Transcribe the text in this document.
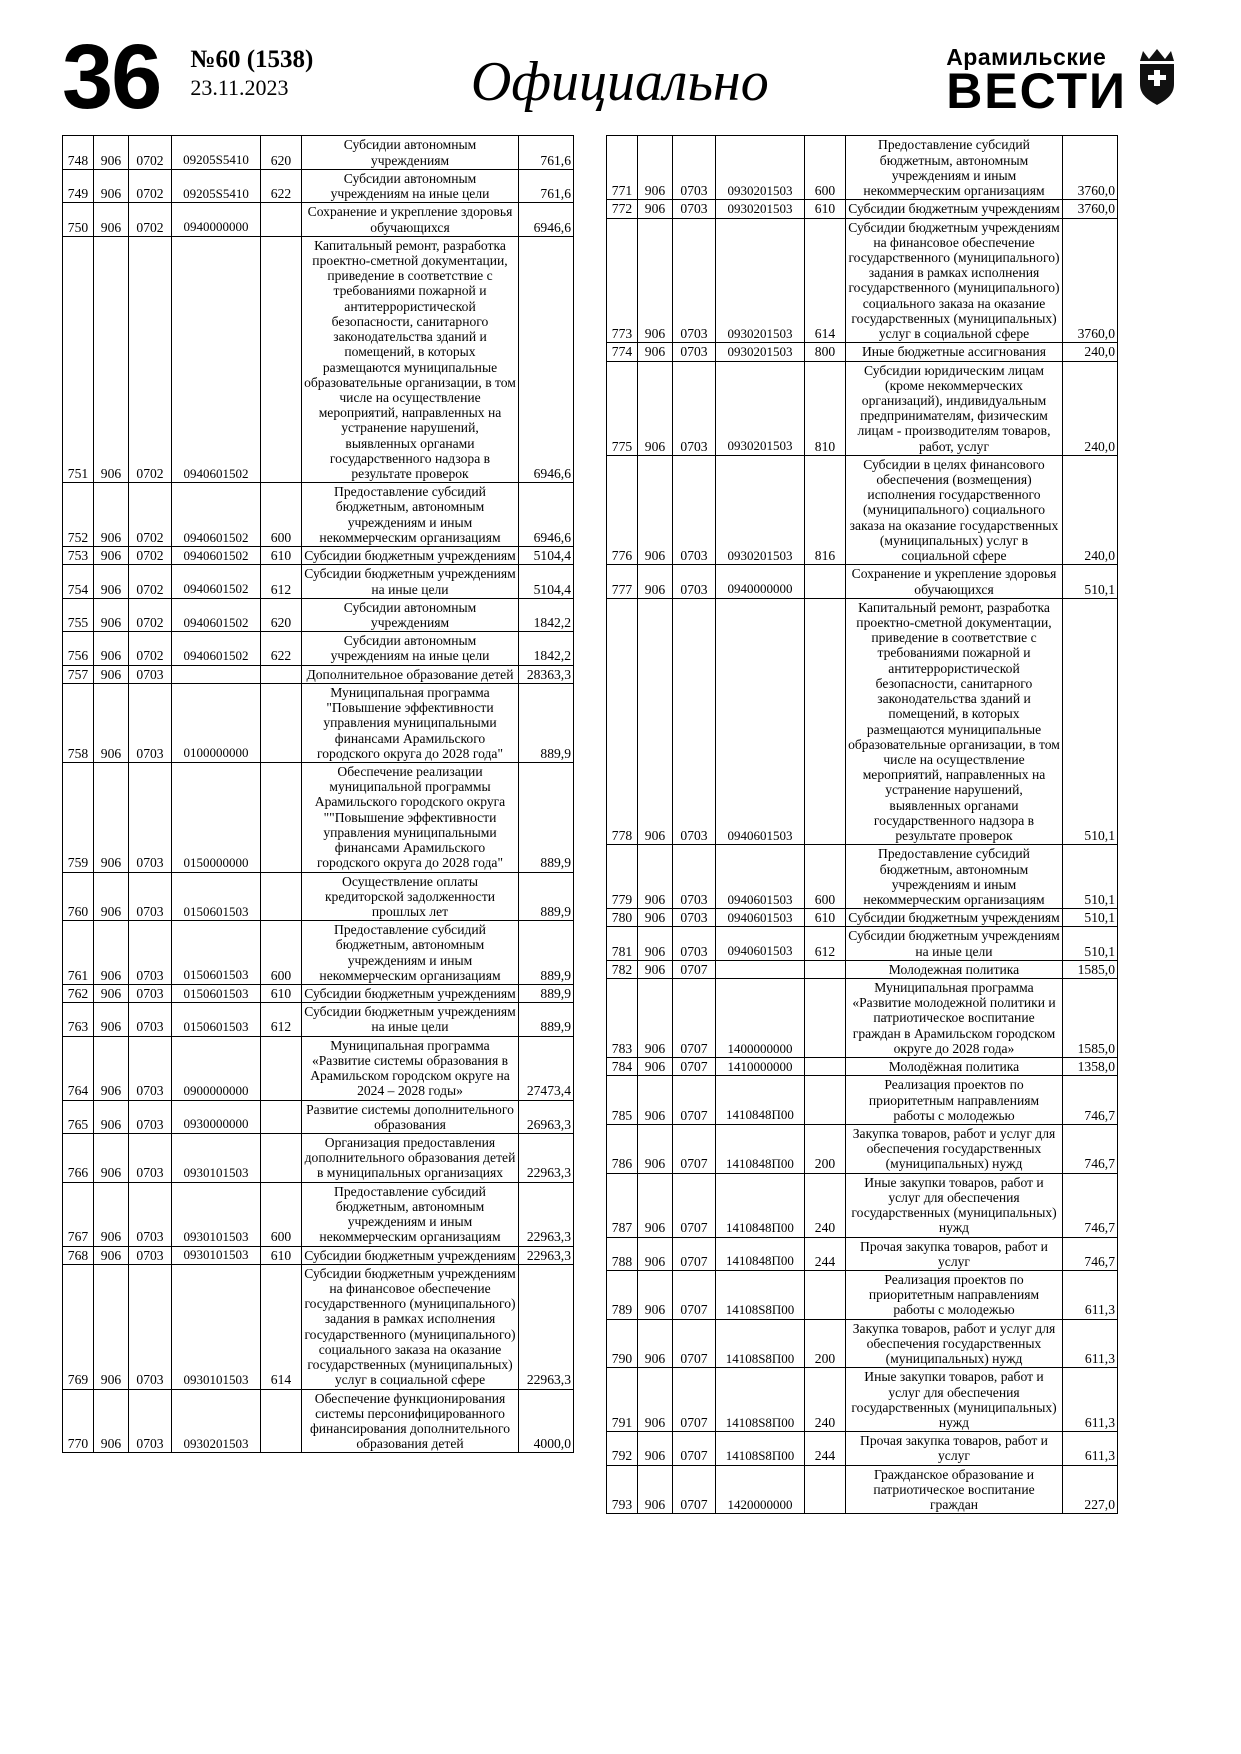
36 №60 (1538)
23.11.2023	Официально	Арамильские
ВЕСТИ
748	906	0702	09205S5410	620	Субсидии автономным учреждениям	761,6
749	906	0702	09205S5410	622	Субсидии автономным учреждениям на иные цели	761,6
750	906	0702	0940000000		Сохранение и укрепление здоровья обучающихся	6946,6
751	906	0702	0940601502		Капитальный ремонт, разработка проектно-сметной документации, приведение в соответствие с требованиями пожарной и антитеррористической безопасности, санитарного законодательства зданий и помещений, в которых размещаются муниципальные образовательные организации, в том числе на осуществление мероприятий, направленных на устранение нарушений, выявленных органами государственного надзора в результате проверок	6946,6
752	906	0702	0940601502	600	Предоставление субсидий бюджетным, автономным учреждениям и иным некоммерческим организациям	6946,6
753	906	0702	0940601502	610	Субсидии бюджетным учреждениям	5104,4
754	906	0702	0940601502	612	Субсидии бюджетным учреждениям на иные цели	5104,4
755	906	0702	0940601502	620	Субсидии автономным учреждениям	1842,2
756	906	0702	0940601502	622	Субсидии автономным учреждениям на иные цели	1842,2
757	906	0703			Дополнительное образование детей	28363,3
758	906	0703	0100000000		Муниципальная программа "Повышение эффективности управления муниципальными финансами Арамильского городского округа до 2028 года"	889,9
759	906	0703	0150000000		Обеспечение реализации муниципальной программы Арамильского городского округа ""Повышение эффективности управления муниципальными финансами Арамильского городского округа до 2028 года"	889,9
760	906	0703	0150601503		Осуществление оплаты кредиторской задолженности прошлых лет	889,9
761	906	0703	0150601503	600	Предоставление субсидий бюджетным, автономным учреждениям и иным некоммерческим организациям	889,9
762	906	0703	0150601503	610	Субсидии бюджетным учреждениям	889,9
763	906	0703	0150601503	612	Субсидии бюджетным учреждениям на иные цели	889,9
764	906	0703	0900000000		Муниципальная программа «Развитие системы образования в Арамильском городском округе на 2024 – 2028 годы»	27473,4
765	906	0703	0930000000		Развитие системы дополнительного образования	26963,3
766	906	0703	0930101503		Организация предоставления дополнительного образования детей в муниципальных организациях	22963,3
767	906	0703	0930101503	600	Предоставление субсидий бюджетным, автономным учреждениям и иным некоммерческим организациям	22963,3
768	906	0703	0930101503	610	Субсидии бюджетным учреждениям	22963,3
769	906	0703	0930101503	614	Субсидии бюджетным учреждениям на финансовое обеспечение государственного (муниципального) задания в рамках исполнения государственного (муниципального) социального заказа на оказание государственных (муниципальных) услуг в социальной сфере	22963,3
770	906	0703	0930201503		Обеспечение функционирования системы персонифицированного финансирования дополнительного образования детей	4000,0
771	906	0703	0930201503	600	Предоставление субсидий бюджетным, автономным учреждениям и иным некоммерческим организациям	3760,0
772	906	0703	0930201503	610	Субсидии бюджетным учреждениям	3760,0
773	906	0703	0930201503	614	Субсидии бюджетным учреждениям на финансовое обеспечение государственного (муниципального) задания в рамках исполнения государственного (муниципального) социального заказа на оказание государственных (муниципальных) услуг в социальной сфере	3760,0
774	906	0703	0930201503	800	Иные бюджетные ассигнования	240,0
775	906	0703	0930201503	810	Субсидии юридическим лицам (кроме некоммерческих организаций), индивидуальным предпринимателям, физическим лицам - производителям товаров, работ, услуг	240,0
776	906	0703	0930201503	816	Субсидии в целях финансового обеспечения (возмещения) исполнения государственного (муниципального) социального заказа на оказание государственных (муниципальных) услуг в социальной сфере	240,0
777	906	0703	0940000000		Сохранение и укрепление здоровья обучающихся	510,1
778	906	0703	0940601503		Капитальный ремонт, разработка проектно-сметной документации, приведение в соответствие с требованиями пожарной и антитеррористической безопасности, санитарного законодательства зданий и помещений, в которых размещаются муниципальные образовательные организации, в том числе на осуществление мероприятий, направленных на устранение нарушений, выявленных органами государственного надзора в результате проверок	510,1
779	906	0703	0940601503	600	Предоставление субсидий бюджетным, автономным учреждениям и иным некоммерческим организациям	510,1
780	906	0703	0940601503	610	Субсидии бюджетным учреждениям	510,1
781	906	0703	0940601503	612	Субсидии бюджетным учреждениям на иные цели	510,1
782	906	0707			Молодежная политика	1585,0
783	906	0707	1400000000		Муниципальная программа «Развитие молодежной политики и патриотическое воспитание граждан в Арамильском городском округе до 2028 года»	1585,0
784	906	0707	1410000000		Молодёжная политика	1358,0
785	906	0707	1410848П00		Реализация проектов по приоритетным направлениям работы с молодежью	746,7
786	906	0707	1410848П00	200	Закупка товаров, работ и услуг для обеспечения государственных (муниципальных) нужд	746,7
787	906	0707	1410848П00	240	Иные закупки товаров, работ и услуг для обеспечения государственных (муниципальных) нужд	746,7
788	906	0707	1410848П00	244	Прочая закупка товаров, работ и услуг	746,7
789	906	0707	14108S8П00		Реализация проектов по приоритетным направлениям работы с молодежью	611,3
790	906	0707	14108S8П00	200	Закупка товаров, работ и услуг для обеспечения государственных (муниципальных) нужд	611,3
791	906	0707	14108S8П00	240	Иные закупки товаров, работ и услуг для обеспечения государственных (муниципальных) нужд	611,3
792	906	0707	14108S8П00	244	Прочая закупка товаров, работ и услуг	611,3
793	906	0707	1420000000		Гражданское образование и патриотическое воспитание граждан	227,0
